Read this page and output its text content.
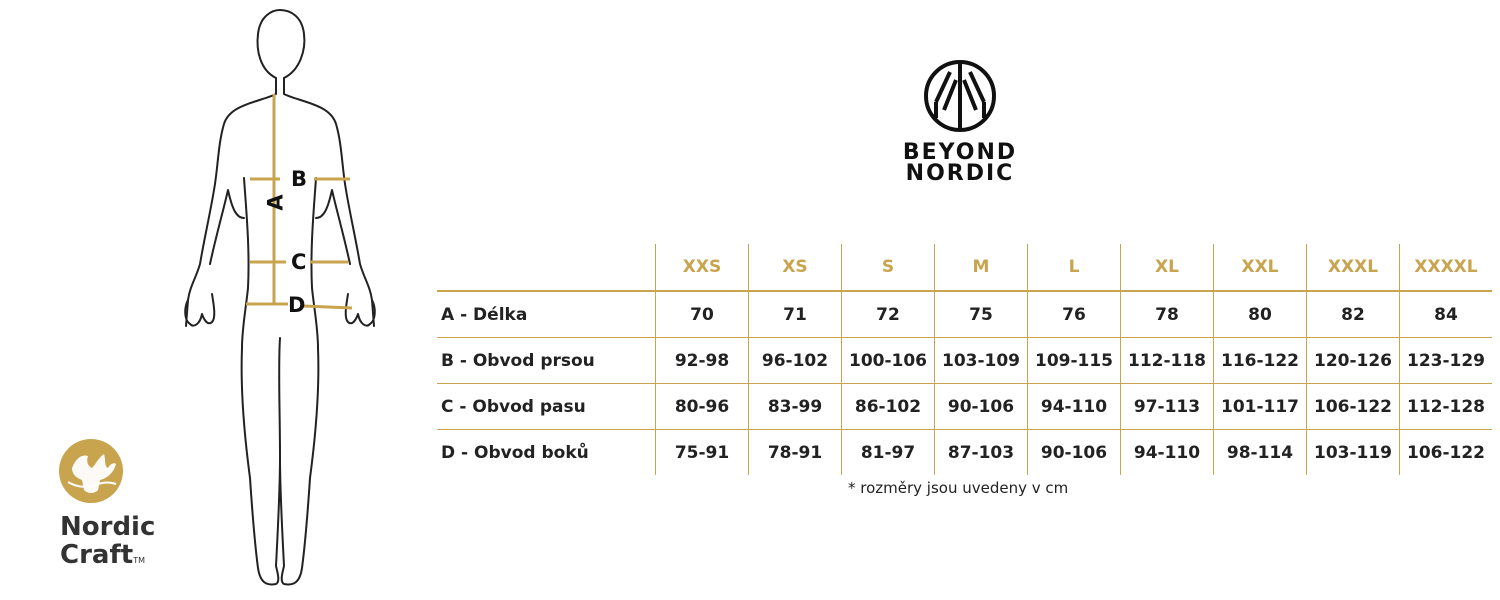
A
B
C
D
BEYOND
NORDIC
	XXS	XS	S	M	L	XL	XXL	XXXL	XXXXL
A - Délka	70	71	72	75	76	78	80	82	84
B - Obvod prsou	92-98	96-102	100-106	103-109	109-115	112-118	116-122	120-126	123-129
C - Obvod pasu	80-96	83-99	86-102	90-106	94-110	97-113	101-117	106-122	112-128
D - Obvod boků	75-91	78-91	81-97	87-103	90-106	94-110	98-114	103-119	106-122
* rozměry jsou uvedeny v cm
Nordic
CraftTM
